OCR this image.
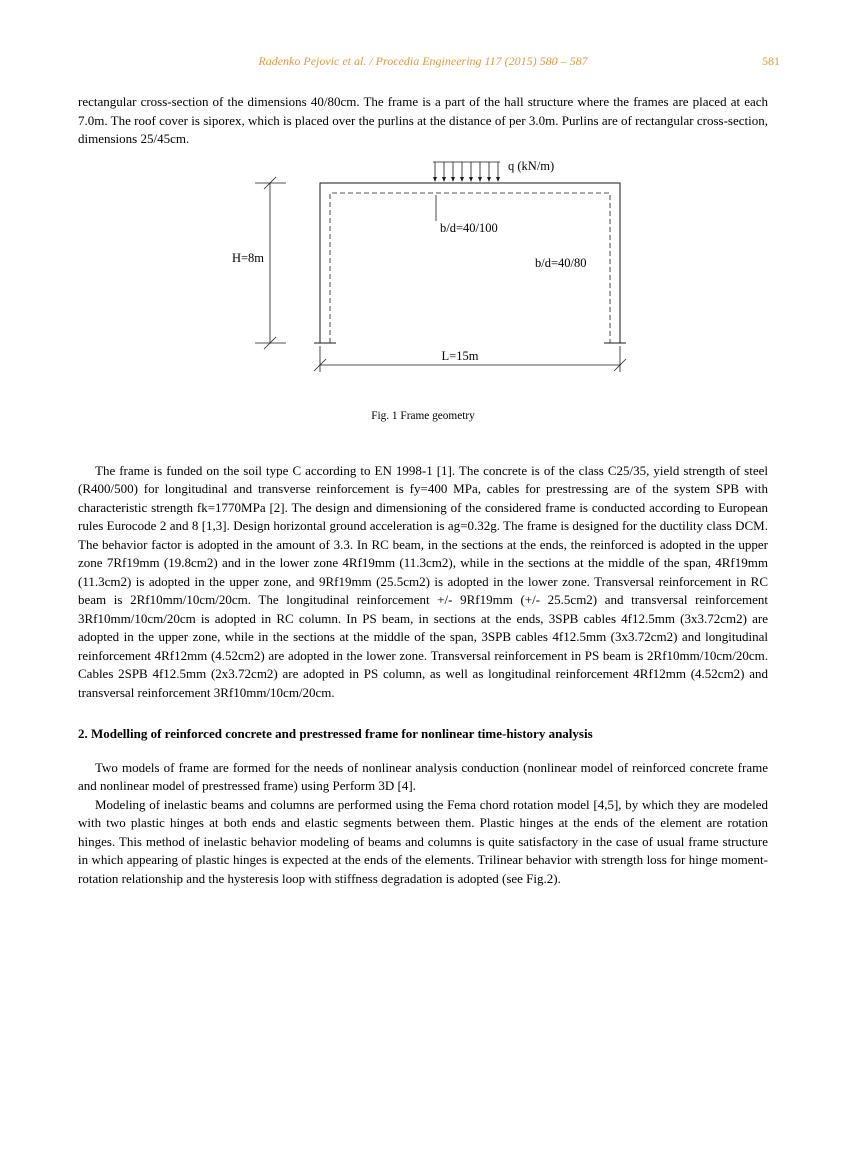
Radenko Pejovic et al. / Procedia Engineering 117 (2015) 580 – 587	581

rectangular cross-section of the dimensions 40/80cm. The frame is a part of the hall structure where the frames are placed at each 7.0m. The roof cover is siporex, which is placed over the purlins at the distance of per 3.0m. Purlins are of rectangular cross-section, dimensions 25/45cm.

q (kN/m)
b/d=40/100
b/d=40/80
H=8m
L=15m
Fig. 1 Frame geometry

The frame is funded on the soil type C according to EN 1998-1 [1]. The concrete is of the class C25/35, yield strength of steel (R400/500) for longitudinal and transverse reinforcement is fy=400 MPa, cables for prestressing are of the system SPB with characteristic strength fk=1770MPa [2]. The design and dimensioning of the considered frame is conducted according to European rules Eurocode 2 and 8 [1,3]. Design horizontal ground acceleration is ag=0.32g. The frame is designed for the ductility class DCM. The behavior factor is adopted in the amount of 3.3. In RC beam, in the sections at the ends, the reinforced is adopted in the upper zone 7Rf19mm (19.8cm2) and in the lower zone 4Rf19mm (11.3cm2), while in the sections at the middle of the span, 4Rf19mm (11.3cm2) is adopted in the upper zone, and 9Rf19mm (25.5cm2) is adopted in the lower zone. Transversal reinforcement in RC beam is 2Rf10mm/10cm/20cm. The longitudinal reinforcement +/- 9Rf19mm (+/- 25.5cm2) and transversal reinforcement 3Rf10mm/10cm/20cm is adopted in RC column. In PS beam, in sections at the ends, 3SPB cables 4f12.5mm (3x3.72cm2) are adopted in the upper zone, while in the sections at the middle of the span, 3SPB cables 4f12.5mm (3x3.72cm2) and longitudinal reinforcement 4Rf12mm (4.52cm2) are adopted in the lower zone. Transversal reinforcement in PS beam is 2Rf10mm/10cm/20cm. Cables 2SPB 4f12.5mm (2x3.72cm2) are adopted in PS column, as well as longitudinal reinforcement 4Rf12mm (4.52cm2) and transversal reinforcement 3Rf10mm/10cm/20cm.

2. Modelling of reinforced concrete and prestressed frame for nonlinear time-history analysis

Two models of frame are formed for the needs of nonlinear analysis conduction (nonlinear model of reinforced concrete frame and nonlinear model of prestressed frame) using Perform 3D [4].

Modeling of inelastic beams and columns are performed using the Fema chord rotation model [4,5], by which they are modeled with two plastic hinges at both ends and elastic segments between them. Plastic hinges at the ends of the element are rotation hinges. This method of inelastic behavior modeling of beams and columns is quite satisfactory in the case of usual frame structure in which appearing of plastic hinges is expected at the ends of the elements. Trilinear behavior with strength loss for hinge moment-rotation relationship and the hysteresis loop with stiffness degradation is adopted (see Fig.2).
